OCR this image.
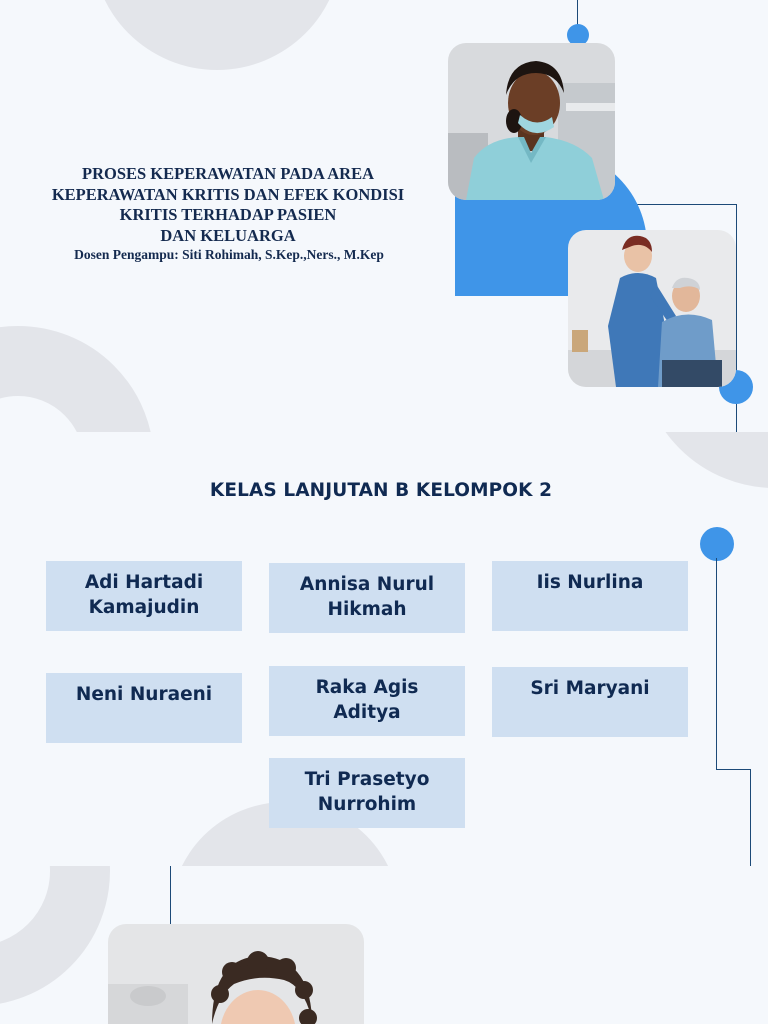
PROSES KEPERAWATAN PADA AREA
KEPERAWATAN KRITIS DAN EFEK KONDISI
KRITIS TERHADAP PASIEN
DAN KELUARGA
Dosen Pengampu: Siti Rohimah, S.Kep.,Ners., M.Kep
KELAS LANJUTAN B KELOMPOK 2
Adi Hartadi
Kamajudin
Annisa Nurul
Hikmah
Iis Nurlina
Neni Nuraeni	Raka Agis
Aditya
Sri Maryani
Tri Prasetyo
Nurrohim
